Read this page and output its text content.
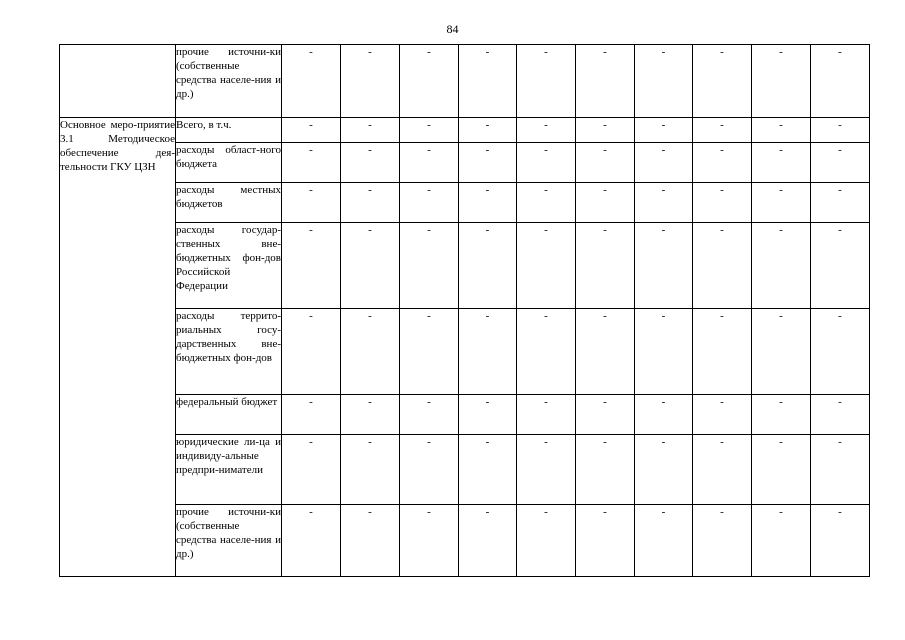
84
	прочие источни-ки (собственные средства населе-ния и др.)	-	-	-	-	-	-	-	-	-	-
Основное меро-приятие 3.1 Методическое обеспечение дея-тельности ГКУ ЦЗН	Всего, в т.ч.	-	-	-	-	-	-	-	-	-	-
	расходы област-ного бюджета	-	-	-	-	-	-	-	-	-	-
	расходы местных бюджетов	-	-	-	-	-	-	-	-	-	-
	расходы государ-ственных вне-бюджетных фон-дов Российской Федерации	-	-	-	-	-	-	-	-	-	-
	расходы террито-риальных госу-дарственных вне-бюджетных фон-дов	-	-	-	-	-	-	-	-	-	-
	федеральный бюджет	-	-	-	-	-	-	-	-	-	-
	юридические ли-ца и индивиду-альные предпри-ниматели	-	-	-	-	-	-	-	-	-	-
	прочие источни-ки (собственные средства населе-ния и др.)	-	-	-	-	-	-	-	-	-	-
